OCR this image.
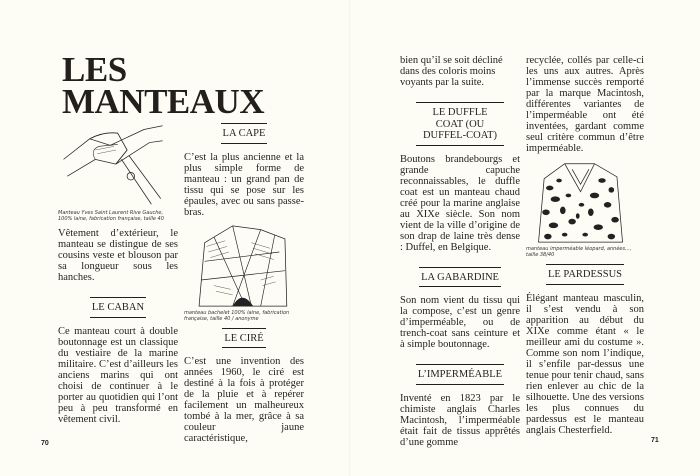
LES
MANTEAUX
Manteau Yves Saint Laurent Rive Gauche, 100% laine, fabrication française, taille 40
Vêtement d’extérieur, le manteau se distingue de ses cousins veste et blouson par sa longueur sous les hanches.
LE CABAN
Ce manteau court à double boutonnage est un classique du vestiaire de la marine militaire. C’est d’ailleurs les anciens marins qui ont choisi de continuer à le porter au quotidien qui l’ont peu à peu transformé en vêtement civil.
LA CAPE
C’est la plus ancienne et la plus simple forme de manteau : un grand pan de tissu qui se pose sur les épaules, avec ou sans passe-bras.
manteau bachelet 100% laine, fabrication française, taille 40 / anonyme
LE CIRÉ
C’est une invention des années 1960, le ciré est destiné à la fois à protéger de la pluie et à repérer facilement un malheureux tombé à la mer, grâce à sa couleur jaune caractéristique,
70
bien qu’il se soit décliné dans des coloris moins voyants par la suite.
LE DUFFLE COAT (OU DUFFEL-COAT)
Boutons brandebourgs et grande capuche reconnaissables, le duffle coat est un manteau chaud créé pour la marine anglaise au XIXe siècle. Son nom vient de la ville d’origine de son drap de laine très dense : Duffel, en Belgique.
LA GABARDINE
Son nom vient du tissu qui la compose, c’est un genre d’imperméable, ou de trench-coat sans ceinture et à simple boutonnage.
L’IMPERMÉABLE
Inventé en 1823 par le chimiste anglais Charles Macintosh, l’imperméable était fait de tissus apprêtés d’une gomme
recyclée, collés par celle-ci les uns aux autres. Après l’immense succès remporté par la marque Macintosh, différentes variantes de l’imperméable ont été inventées, gardant comme seul critère commun d’être imperméable.
manteau imperméable léopard, années..., taille 38/40
LE PARDESSUS
Élégant manteau masculin, il s’est vendu à son apparition au début du XIXe comme étant « le meilleur ami du costume ». Comme son nom l’indique, il s’enfile par-dessus une tenue pour tenir chaud, sans rien enlever au chic de la silhouette. Une des versions les plus connues du pardessus est le manteau anglais Chesterfield.
71
